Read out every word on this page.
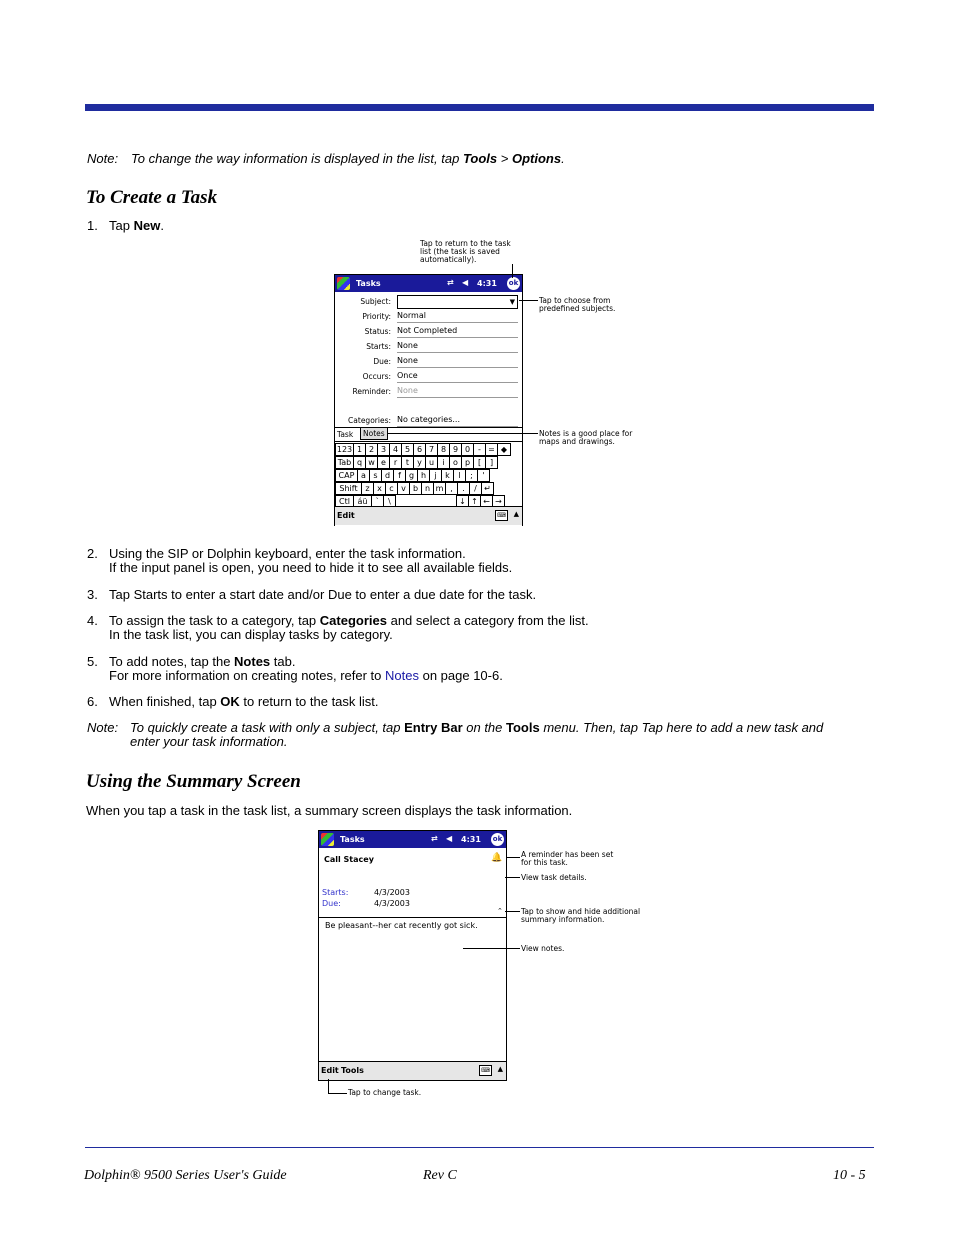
Note: To change the way information is displayed in the list, tap Tools > Options.
To Create a Task
1. Tap New.
Tasks	⇄ ◀ 4:31 ok
Subject:	▼
Priority: Normal
Status: Not Completed
Starts: None
Due: None
Occurs: Once
Reminder: None
Categories: No categories...
Task	Notes
123 1 2 3 4 5 6 7 8 9 0	- = ◆
Tab q w e r	t	y u	i	o p [	]
CAP a s d	f	g h	j	k	l	;	'
Shift z x c v b n m ,	.	/ ↵
Ctl áü	`	\	↓ ↑ ← →
Edit	⌨	▲
Tap to return to the task list (the task is saved automatically).
Tap to choose from predefined subjects.
Notes is a good place for maps and drawings.
2. Using the SIP or Dolphin keyboard, enter the task information.
If the input panel is open, you need to hide it to see all available fields.
3. Tap Starts to enter a start date and/or Due to enter a due date for the task.
4. To assign the task to a category, tap Categories and select a category from the list.
In the task list, you can display tasks by category.
5. To add notes, tap the Notes tab.
For more information on creating notes, refer to Notes on page 10-6.
6. When finished, tap OK to return to the task list.
Note: To quickly create a task with only a subject, tap Entry Bar on the Tools menu. Then, tap Tap here to add a new task and
enter your task information.
Using the Summary Screen
When you tap a task in the task list, a summary screen displays the task information.
Tasks	⇄ ◀ 4:31 ok
Call Stacey	🔔
Starts:	4/3/2003
Due:	4/3/2003
⌃
Be pleasant--her cat recently got sick.
Edit Tools	⌨	▲
A reminder has been set for this task.
View task details.
Tap to show and hide additional summary information.
View notes.
Tap to change task.
Dolphin® 9500 Series User's Guide	Rev C	10 - 5
